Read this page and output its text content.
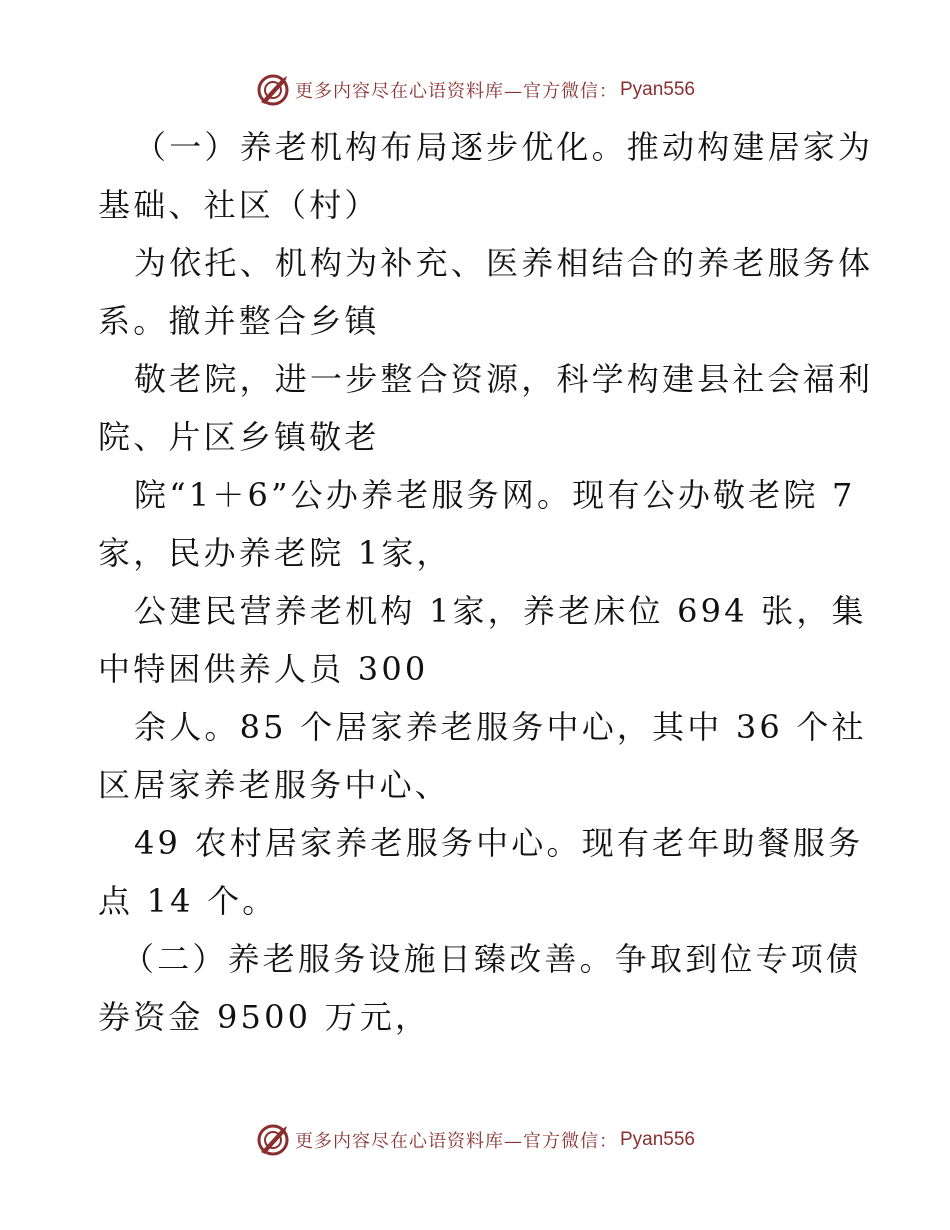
更多内容尽在心语资料库—官方微信： Pyan556
（一）养老机构布局逐步优化。推动构建居家为
基础、社区（村）
为依托、机构为补充、医养相结合的养老服务体
系。撤并整合乡镇
敬老院，进一步整合资源，科学构建县社会福利
院、片区乡镇敬老
院“1＋6”公办养老服务网。现有公办敬老院 7
家，民办养老院 1家，
公建民营养老机构 1家，养老床位 694 张，集
中特困供养人员 300
余人。85 个居家养老服务中心，其中 36 个社
区居家养老服务中心、
49 农村居家养老服务中心。现有老年助餐服务
点 14 个。
（二）养老服务设施日臻改善。争取到位专项债
券资金 9500 万元，
更多内容尽在心语资料库—官方微信： Pyan556
